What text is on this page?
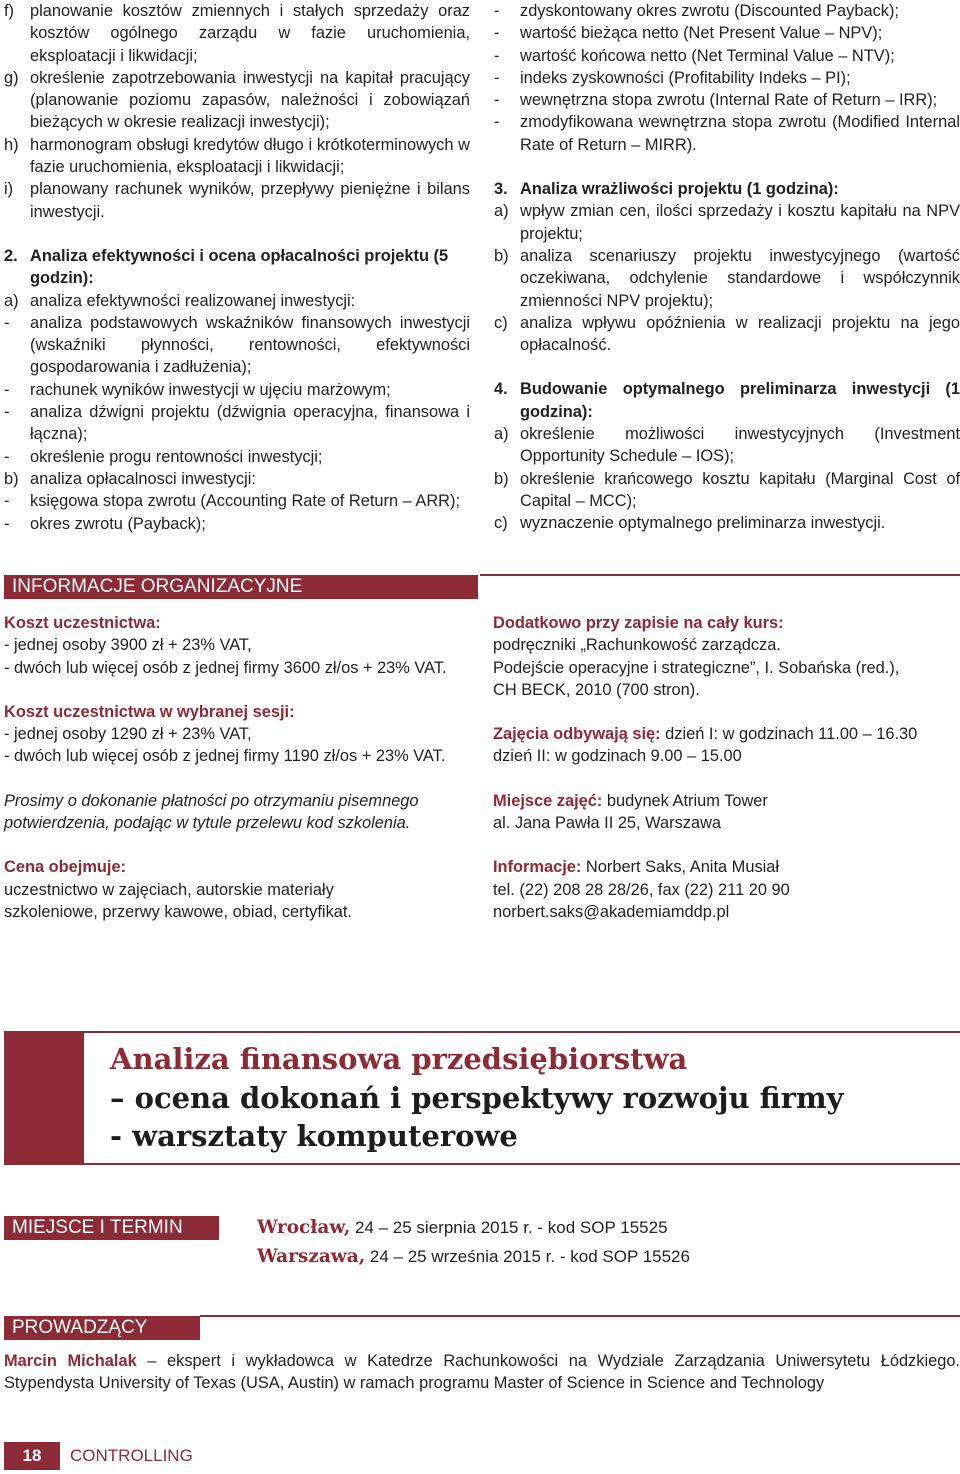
f) planowanie kosztów zmiennych i stałych sprzedaży oraz kosztów ogólnego zarządu w fazie uruchomienia, eksploatacji i likwidacji;
g) określenie zapotrzebowania inwestycji na kapitał pracujący (planowanie poziomu zapasów, należności i zobowiązań bieżących w okresie realizacji inwestycji);
h) harmonogram obsługi kredytów długo i krótkoterminowych w fazie uruchomienia, eksploatacji i likwidacji;
i)	planowany rachunek wyników, przepływy pieniężne i bilans inwestycji.
2. Analiza efektywności i ocena opłacalności projektu (5 godzin):
a) analiza efektywności realizowanej inwestycji:
-	analiza podstawowych wskaźników finansowych inwestycji (wskaźniki płynności, rentowności, efektywności gospodarowania i zadłużenia);
-	rachunek wyników inwestycji w ujęciu marżowym;
-	analiza dźwigni projektu (dźwignia operacyjna, finansowa i łączna);
-	określenie progu rentowności inwestycji;
b) analiza opłacalnosci inwestycji:
-	księgowa stopa zwrotu (Accounting Rate of Return – ARR);
-	okres zwrotu (Payback);
-	zdyskontowany okres zwrotu (Discounted Payback);
-	wartość bieżąca netto (Net Present Value – NPV);
-	wartość końcowa netto (Net Terminal Value – NTV);
-	indeks zyskowności (Profitability Indeks – PI);
-	wewnętrzna stopa zwrotu (Internal Rate of Return – IRR);
-	zmodyfikowana wewnętrzna stopa zwrotu (Modified Internal Rate of Return – MIRR).
3. Analiza wrażliwości projektu (1 godzina):
a) wpływ zmian cen, ilości sprzedaży i kosztu kapitału na NPV projektu;
b) analiza scenariuszy projektu inwestycyjnego (wartość oczekiwana, odchylenie standardowe i współczynnik zmienności NPV projektu);
c) analiza wpływu opóźnienia w realizacji projektu na jego opłacalność.
4. Budowanie optymalnego preliminarza inwestycji (1 godzina):
a) określenie możliwości inwestycyjnych (Investment Opportunity Schedule – IOS);
b) określenie krańcowego kosztu kapitału (Marginal Cost of Capital – MCC);
c) wyznaczenie optymalnego preliminarza inwestycji.
INFORMACJE ORGANIZACYJNE
Koszt uczestnictwa:
- jednej osoby 3900 zł + 23% VAT,
- dwóch lub więcej osób z jednej firmy 3600 zł/os + 23% VAT.
Koszt uczestnictwa w wybranej sesji:
- jednej osoby 1290 zł + 23% VAT,
- dwóch lub więcej osób z jednej firmy 1190 zł/os + 23% VAT.
Prosimy o dokonanie płatności po otrzymaniu pisemnego
potwierdzenia, podając w tytule przelewu kod szkolenia.
Cena obejmuje:
uczestnictwo w zajęciach, autorskie materiały
szkoleniowe, przerwy kawowe, obiad, certyfikat.
Dodatkowo przy zapisie na cały kurs:
podręczniki „Rachunkowość zarządcza.
Podejście operacyjne i strategiczne”, I. Sobańska (red.),
CH BECK, 2010 (700 stron).
Zajęcia odbywają się: dzień I: w godzinach 11.00 – 16.30
dzień II: w godzinach 9.00 – 15.00
Miejsce zajęć: budynek Atrium Tower
al. Jana Pawła II 25, Warszawa
Informacje: Norbert Saks, Anita Musiał
tel. (22) 208 28 28/26, fax (22) 211 20 90
norbert.saks@akademiamddp.pl
Analiza finansowa przedsiębiorstwa
– ocena dokonań i perspektywy rozwoju firmy
- warsztaty komputerowe
MIEJSCE I TERMIN	Wrocław, 24 – 25 sierpnia 2015 r. - kod SOP 15525
Warszawa, 24 – 25 września 2015 r. - kod SOP 15526
PROWADZĄCY
Marcin Michalak – ekspert i wykładowca w Katedrze Rachunkowości na Wydziale Zarządzania Uniwersytetu Łódzkiego. Stypendysta University of Texas (USA, Austin) w ramach programu Master of Science in Science and Technology
18	CONTROLLING
